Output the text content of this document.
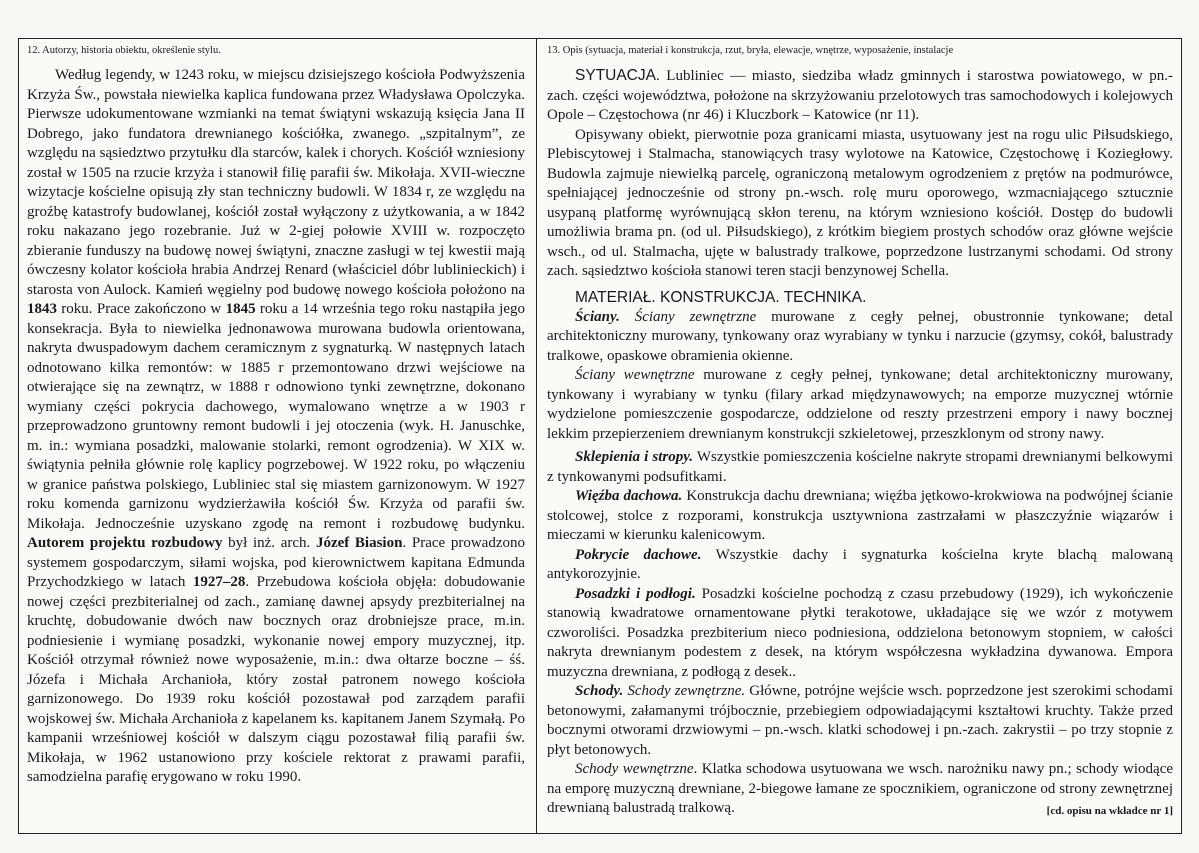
12. Autorzy, historia obiektu, określenie stylu.

Według legendy, w 1243 roku, w miejscu dzisiejszego kościoła Podwyższenia Krzyża Św., powstała niewielka kaplica fundowana przez Władysława Opolczyka. Pierwsze udokumentowane wzmianki na temat świątyni wskazują księcia Jana II Dobrego, jako fundatora drewnianego kościółka, zwanego. „szpitalnym”, ze względu na sąsiedztwo przytułku dla starców, kalek i chorych. Kościół wzniesiony został w 1505 na rzucie krzyża i stanowił filię parafii św. Mikołaja. XVII-wieczne wizytacje kościelne opisują zły stan techniczny budowli. W 1834 r, ze względu na groźbę katastrofy budowlanej, kościół został wyłączony z użytkowania, a w 1842 roku nakazano jego rozebranie. Już w 2-giej połowie XVIII w. rozpoczęto zbieranie funduszy na budowę nowej świątyni, znaczne zasługi w tej kwestii mają ówczesny kolator kościoła hrabia Andrzej Renard (właściciel dóbr lublinieckich) i starosta von Aulock. Kamień węgielny pod budowę nowego kościoła położono na 1843 roku. Prace zakończono w 1845 roku a 14 września tego roku nastąpiła jego konsekracja. Była to niewielka jednonawowa murowana budowla orientowana, nakryta dwuspadowym dachem ceramicznym z sygnaturką. W następnych latach odnotowano kilka remontów: w 1885 r przemontowano drzwi wejściowe na otwierające się na zewnątrz, w 1888 r odnowiono tynki zewnętrzne, dokonano wymiany części pokrycia dachowego, wymalowano wnętrze a w 1903 r przeprowadzono gruntowny remont budowli i jej otoczenia (wyk. H. Januschke, m. in.: wymiana posadzki, malowanie stolarki, remont ogrodzenia). W XIX w. świątynia pełniła głównie rolę kaplicy pogrzebowej. W 1922 roku, po włączeniu w granice państwa polskiego, Lubliniec stal się miastem garnizonowym. W 1927 roku komenda garnizonu wydzierżawiła kościół Św. Krzyża od parafii św. Mikołaja. Jednocześnie uzyskano zgodę na remont i rozbudowę budynku. Autorem projektu rozbudowy był inż. arch. Józef Biasion. Prace prowadzono systemem gospodarczym, siłami wojska, pod kierownictwem kapitana Edmunda Przychodzkiego w latach 1927–28. Przebudowa kościoła objęła: dobudowanie nowej części prezbiterialnej od zach., zamianę dawnej apsydy prezbiterialnej na kruchtę, dobudowanie dwóch naw bocznych oraz drobniejsze prace, m.in. podniesienie i wymianę posadzki, wykonanie nowej empory muzycznej, itp. Kościół otrzymał również nowe wyposażenie, m.in.: dwa ołtarze boczne – śś. Józefa i Michała Archanioła, który został patronem nowego kościoła garnizonowego. Do 1939 roku kościół pozostawał pod zarządem parafii wojskowej św. Michała Archanioła z kapelanem ks. kapitanem Janem Szymałą. Po kampanii wrześniowej kościół w dalszym ciągu pozostawał filią parafii św. Mikołaja, w 1962 ustanowiono przy kościele rektorat z prawami parafii, samodzielna parafię erygowano w roku 1990.

13. Opis (sytuacja, materiał i konstrukcja, rzut, bryła, elewacje, wnętrze, wyposażenie, instalacje

SYTUACJA. Lubliniec — miasto, siedziba władz gminnych i starostwa powiatowego, w pn.-zach. części województwa, położone na skrzyżowaniu przelotowych tras samochodowych i kolejowych Opole – Częstochowa (nr 46) i Kluczbork – Katowice (nr 11).

Opisywany obiekt, pierwotnie poza granicami miasta, usytuowany jest na rogu ulic Piłsudskiego, Plebiscytowej i Stalmacha, stanowiących trasy wylotowe na Katowice, Częstochowę i Koziegłowy. Budowla zajmuje niewielką parcelę, ograniczoną metalowym ogrodzeniem z prętów na podmurówce, spełniającej jednocześnie od strony pn.-wsch. rolę muru oporowego, wzmacniającego sztucznie usypaną platformę wyrównującą skłon terenu, na którym wzniesiono kościół. Dostęp do budowli umożliwia brama pn. (od ul. Piłsudskiego), z krótkim biegiem prostych schodów oraz główne wejście wsch., od ul. Stalmacha, ujęte w balustrady tralkowe, poprzedzone lustrzanymi schodami. Od strony zach. sąsiedztwo kościoła stanowi teren stacji benzynowej Schella.

MATERIAŁ. KONSTRUKCJA. TECHNIKA.

Ściany. Ściany zewnętrzne murowane z cegły pełnej, obustronnie tynkowane; detal architektoniczny murowany, tynkowany oraz wyrabiany w tynku i narzucie (gzymsy, cokół, balustrady tralkowe, opaskowe obramienia okienne.

Ściany wewnętrzne murowane z cegły pełnej, tynkowane; detal architektoniczny murowany, tynkowany i wyrabiany w tynku (filary arkad międzynawowych; na emporze muzycznej wtórnie wydzielone pomieszczenie gospodarcze, oddzielone od reszty przestrzeni empory i nawy bocznej lekkim przepierzeniem drewnianym konstrukcji szkieletowej, przeszklonym od strony nawy.

Sklepienia i stropy. Wszystkie pomieszczenia kościelne nakryte stropami drewnianymi belkowymi z tynkowanymi podsufitkami.

Więźba dachowa. Konstrukcja dachu drewniana; więźba jętkowo-krokwiowa na podwójnej ścianie stolcowej, stolce z rozporami, konstrukcja usztywniona zastrzałami w płaszczyźnie wiązarów i mieczami w kierunku kalenicowym.

Pokrycie dachowe. Wszystkie dachy i sygnaturka kościelna kryte blachą malowaną antykorozyjnie.

Posadzki i podłogi. Posadzki kościelne pochodzą z czasu przebudowy (1929), ich wykończenie stanowią kwadratowe ornamentowane płytki terakotowe, układające się we wzór z motywem czworoliści. Posadzka prezbiterium nieco podniesiona, oddzielona betonowym stopniem, w całości nakryta drewnianym podestem z desek, na którym współczesna wykładzina dywanowa. Empora muzyczna drewniana, z podłogą z desek..

Schody. Schody zewnętrzne. Główne, potrójne wejście wsch. poprzedzone jest szerokimi schodami betonowymi, załamanymi trójbocznie, przebiegiem odpowiadającymi kształtowi kruchty. Także przed bocznymi otworami drzwiowymi – pn.-wsch. klatki schodowej i pn.-zach. zakrystii – po trzy stopnie z płyt betonowych.

Schody wewnętrzne. Klatka schodowa usytuowana we wsch. narożniku nawy pn.; schody wiodące na emporę muzyczną drewniane, 2-biegowe łamane ze spocznikiem, ograniczone od strony zewnętrznej drewnianą balustradą tralkową.	[cd. opisu na wkładce nr 1]
